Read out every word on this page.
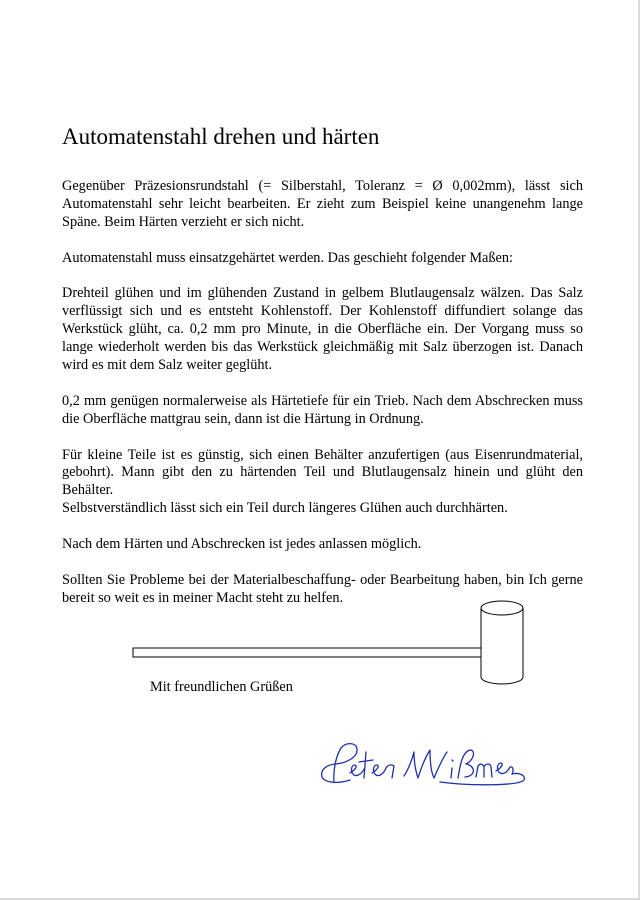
Automatenstahl drehen und härten

Gegenüber Präzesionsrundstahl (= Silberstahl, Toleranz = Ø 0,002mm), lässt sich Automatenstahl sehr leicht bearbeiten. Er zieht zum Beispiel keine unangenehm lange Späne. Beim Härten verzieht er sich nicht.

Automatenstahl muss einsatzgehärtet werden. Das geschieht folgender Maßen:

Drehteil glühen und im glühenden Zustand in gelbem Blutlaugensalz wälzen. Das Salz verflüssigt sich und es entsteht Kohlenstoff. Der Kohlenstoff diffundiert solange das Werkstück glüht, ca. 0,2 mm pro Minute, in die Oberfläche ein. Der Vorgang muss so lange wiederholt werden bis das Werkstück gleichmäßig mit Salz überzogen ist. Danach wird es mit dem Salz weiter geglüht.

0,2 mm genügen normalerweise als Härtetiefe für ein Trieb. Nach dem Abschrecken muss die Oberfläche mattgrau sein, dann ist die Härtung in Ordnung.

Für kleine Teile ist es günstig, sich einen Behälter anzufertigen (aus Eisenrundmaterial, gebohrt). Mann gibt den zu härtenden Teil und Blutlaugensalz hinein und glüht den Behälter.

Selbstverständlich lässt sich ein Teil durch längeres Glühen auch durchhärten.

Nach dem Härten und Abschrecken ist jedes anlassen möglich.

Sollten Sie Probleme bei der Materialbeschaffung- oder Bearbeitung haben, bin Ich gerne bereit so weit es in meiner Macht steht zu helfen.

Mit freundlichen Grüßen
